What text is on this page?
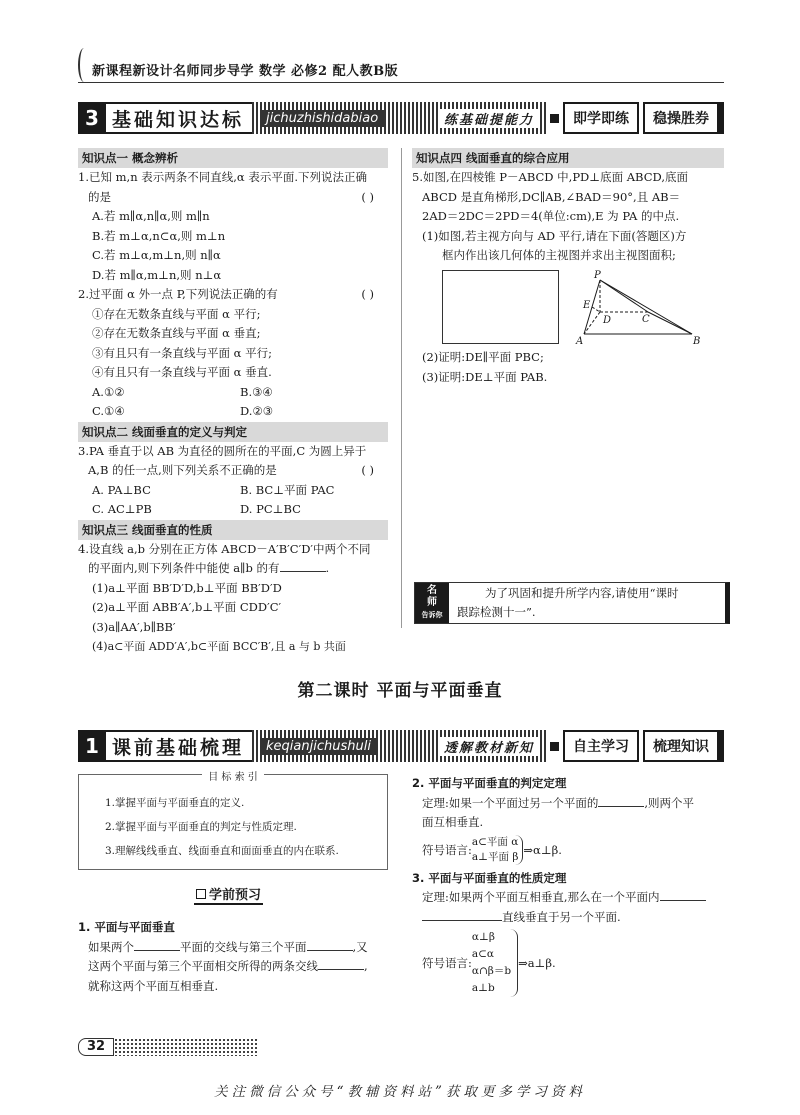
新课程新设计名师同步导学 数学 必修2 配人教B版
3 基础知识达标	jichuzhishidabiao	练基础提能力	即学即练	稳操胜券
知识点一 概念辨析
1.已知 m,n 表示两条不同直线,α 表示平面.下列说法正确
的是	( )
A.若 m∥α,n∥α,则 m∥n
B.若 m⊥α,n⊂α,则 m⊥n
C.若 m⊥α,m⊥n,则 n∥α
D.若 m∥α,m⊥n,则 n⊥α
2.过平面 α 外一点 P,下列说法正确的有	( )
①存在无数条直线与平面 α 平行;
②存在无数条直线与平面 α 垂直;
③有且只有一条直线与平面 α 平行;
④有且只有一条直线与平面 α 垂直.
A.①②	B.③④
C.①④	D.②③
知识点二 线面垂直的定义与判定
3.PA 垂直于以 AB 为直径的圆所在的平面,C 为圆上异于
A,B 的任一点,则下列关系不正确的是	( )
A. PA⊥BC	B. BC⊥平面 PAC
C. AC⊥PB	D. PC⊥BC
知识点三 线面垂直的性质
4.设直线 a,b 分别在正方体 ABCD－A′B′C′D′中两个不同
的平面内,则下列条件中能使 a∥b 的有	.
(1)a⊥平面 BB′D′D,b⊥平面 BB′D′D
(2)a⊥平面 ABB′A′,b⊥平面 CDD′C′
(3)a∥AA′,b∥BB′
(4)a⊂平面 ADD′A′,b⊂平面 BCC′B′,且 a 与 b 共面
知识点四 线面垂直的综合应用
5.如图,在四棱锥 P－ABCD 中,PD⊥底面 ABCD,底面
ABCD 是直角梯形,DC∥AB,∠BAD＝90°,且 AB＝
2AD＝2DC＝2PD＝4(单位:cm),E 为 PA 的中点.
(1)如图,若主视方向与 AD 平行,请在下面(答题区)方
框内作出该几何体的主视图并求出主视图面积;
P
E
D	C
A	B
(2)证明:DE∥平面 PBC;
(3)证明:DE⊥平面 PAB.
名
师
告诉你
为了巩固和提升所学内容,请使用“课时
跟踪检测十一”.
第二课时 平面与平面垂直
1 课前基础梳理	keqianjichushuli	透解教材新知	自主学习	梳理知识
目 标 索 引
1.掌握平面与平面垂直的定义.
2.掌握平面与平面垂直的判定与性质定理.
3.理解线线垂直、线面垂直和面面垂直的内在联系.
学前预习
1. 平面与平面垂直
如果两个	平面的交线与第三个平面	,又
这两个平面与第三个平面相交所得的两条交线	,
就称这两个平面互相垂直.
2. 平面与平面垂直的判定定理
定理:如果一个平面过另一个平面的	,则两个平
面互相垂直.
符号语言:
a⊂平面 α
a⊥平面 β ⇒α⊥β.
3. 平面与平面垂直的性质定理
定理:如果两个平面互相垂直,那么在一个平面内
直线垂直于另一个平面.
符号语言:
α⊥β
a⊂α
α∩β＝b
a⊥b
⇒a⊥β.
32
关注微信公众号“教辅资料站”获取更多学习资料
